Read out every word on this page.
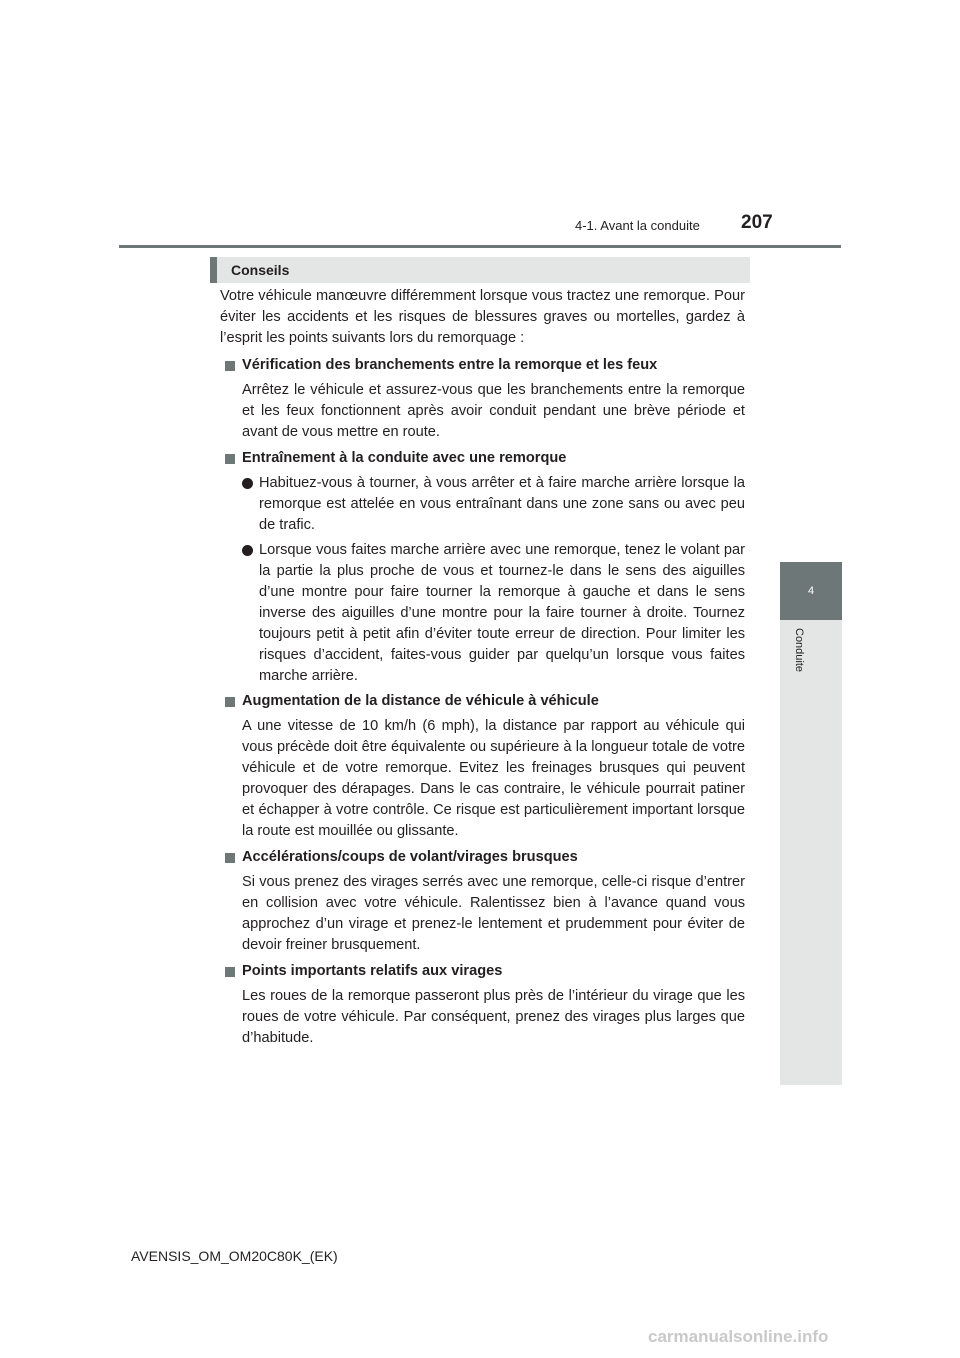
4-1. Avant la conduite 207
4
Conduite
Conseils

Votre véhicule manœuvre différemment lorsque vous tractez une remorque. Pour éviter les accidents et les risques de blessures graves ou mortelles, gardez à l’esprit les points suivants lors du remorquage :

Vérification des branchements entre la remorque et les feux

Arrêtez le véhicule et assurez-vous que les branchements entre la remorque et les feux fonctionnent après avoir conduit pendant une brève période et avant de vous mettre en route.

Entraînement à la conduite avec une remorque
Habituez-vous à tourner, à vous arrêter et à faire marche arrière lorsque la remorque est attelée en vous entraînant dans une zone sans ou avec peu de trafic.
Lorsque vous faites marche arrière avec une remorque, tenez le volant par la partie la plus proche de vous et tournez-le dans le sens des aiguilles d’une montre pour faire tourner la remorque à gauche et dans le sens inverse des aiguilles d’une montre pour la faire tourner à droite. Tournez toujours petit à petit afin d’éviter toute erreur de direction. Pour limiter les risques d’accident, faites-vous guider par quelqu’un lorsque vous faites marche arrière.
Augmentation de la distance de véhicule à véhicule

A une vitesse de 10 km/h (6 mph), la distance par rapport au véhicule qui vous précède doit être équivalente ou supérieure à la longueur totale de votre véhicule et de votre remorque. Evitez les freinages brusques qui peuvent provoquer des dérapages. Dans le cas contraire, le véhicule pourrait patiner et échapper à votre contrôle. Ce risque est particulièrement important lorsque la route est mouillée ou glissante.

Accélérations/coups de volant/virages brusques

Si vous prenez des virages serrés avec une remorque, celle-ci risque d’entrer en collision avec votre véhicule. Ralentissez bien à l’avance quand vous approchez d’un virage et prenez-le lentement et prudemment pour éviter de devoir freiner brusquement.

Points importants relatifs aux virages

Les roues de la remorque passeront plus près de l’intérieur du virage que les roues de votre véhicule. Par conséquent, prenez des virages plus larges que d’habitude.

AVENSIS_OM_OM20C80K_(EK)
carmanualsonline.info
